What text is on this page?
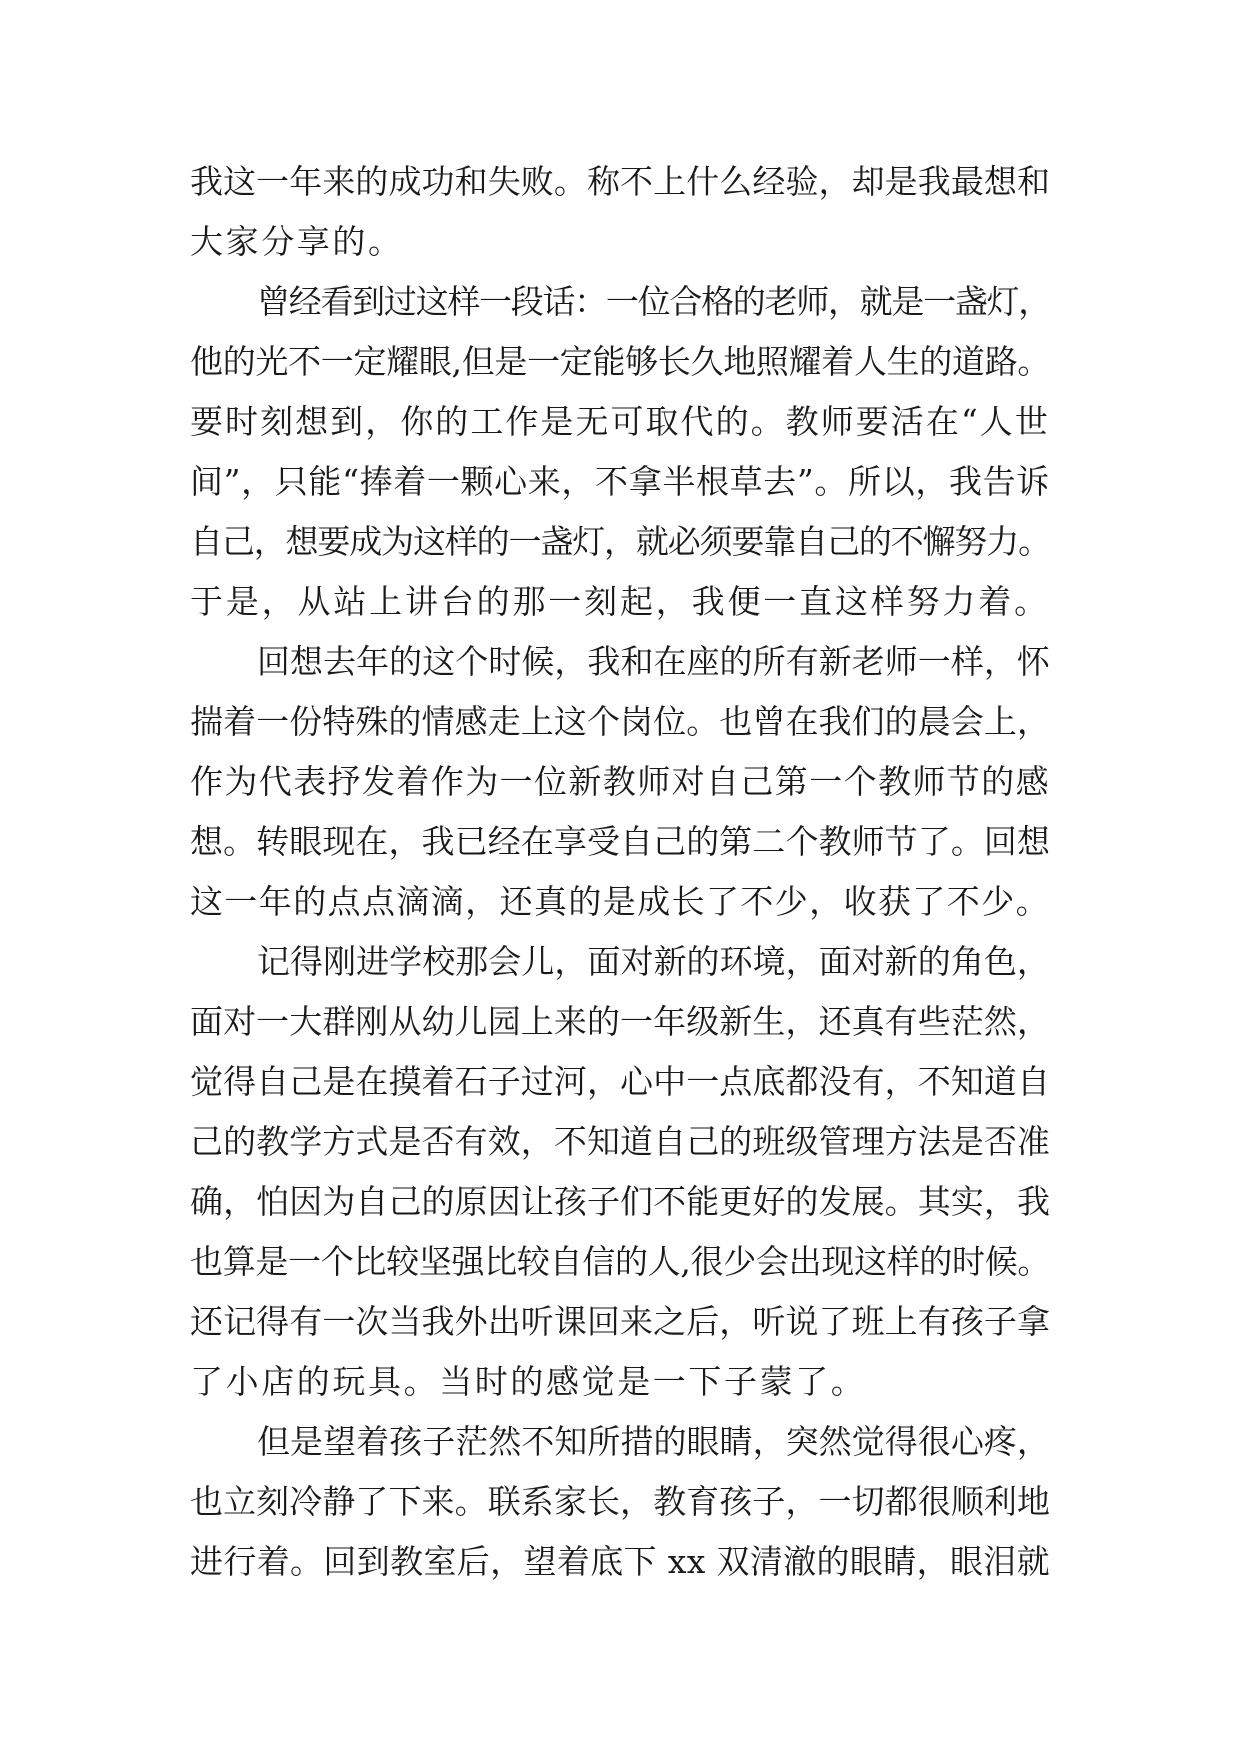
我这一年来的成功和失败。称不上什么经验，却是我最想和
大家分享的。
曾经看到过这样一段话：一位合格的老师，就是一盏灯，
他的光不一定耀眼,但是一定能够长久地照耀着人生的道路。
要时刻想到，你的工作是无可取代的。教师要活在“人世
间”，只能“捧着一颗心来，不拿半根草去”。所以，我告诉
自己，想要成为这样的一盏灯，就必须要靠自己的不懈努力。
于是，从站上讲台的那一刻起，我便一直这样努力着。
回想去年的这个时候，我和在座的所有新老师一样，怀
揣着一份特殊的情感走上这个岗位。也曾在我们的晨会上，
作为代表抒发着作为一位新教师对自己第一个教师节的感
想。转眼现在，我已经在享受自己的第二个教师节了。回想
这一年的点点滴滴，还真的是成长了不少，收获了不少。
记得刚进学校那会儿，面对新的环境，面对新的角色，
面对一大群刚从幼儿园上来的一年级新生，还真有些茫然，
觉得自己是在摸着石子过河，心中一点底都没有，不知道自
己的教学方式是否有效，不知道自己的班级管理方法是否准
确，怕因为自己的原因让孩子们不能更好的发展。其实，我
也算是一个比较坚强比较自信的人,很少会出现这样的时候。
还记得有一次当我外出听课回来之后，听说了班上有孩子拿
了小店的玩具。当时的感觉是一下子蒙了。
但是望着孩子茫然不知所措的眼睛，突然觉得很心疼，
也立刻冷静了下来。联系家长，教育孩子，一切都很顺利地
进行着。回到教室后，望着底下 xx 双清澈的眼睛，眼泪就
